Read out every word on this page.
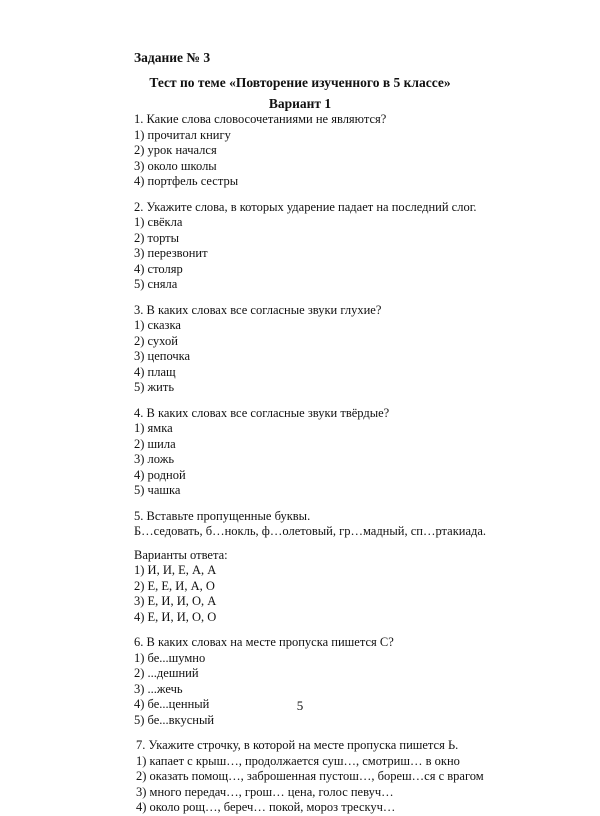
Задание № 3
Тест по теме «Повторение изученного в 5 классе»
Вариант 1
1. Какие слова словосочетаниями не являются?
1) прочитал книгу
2) урок начался
3) около школы
4) портфель сестры
2. Укажите слова, в которых ударение падает на последний слог.
1) свёкла
2) торты
3) перезвонит
4) столяр
5) сняла
3. В каких словах все согласные звуки глухие?
1) сказка
2) сухой
3) цепочка
4) плащ
5) жить
4. В каких словах все согласные звуки твёрдые?
1) ямка
2) шила
3) ложь
4) родной
5) чашка
5. Вставьте пропущенные буквы.
Б…седовать, б…нокль, ф…олетовый, гр…мадный, сп…ртакиада.
Варианты ответа:
1) И, И, Е, А, А
2) Е, Е, И, А, О
3) Е, И, И, О, А
4) Е, И, И, О, О
6. В каких словах на месте пропуска пишется С?
1) бе...шумно
2) ...дешний
3) ...жечь
4) бе...ценный
5) бе...вкусный
7. Укажите строчку, в которой на месте пропуска пишется Ь.
1) капает с крыш…, продолжается суш…, смотриш… в окно
2) оказать помощ…, заброшенная пустош…, бореш…ся с врагом
3) много передач…, грош… цена, голос певуч…
4) около рощ…, береч… покой, мороз трескуч…
5
